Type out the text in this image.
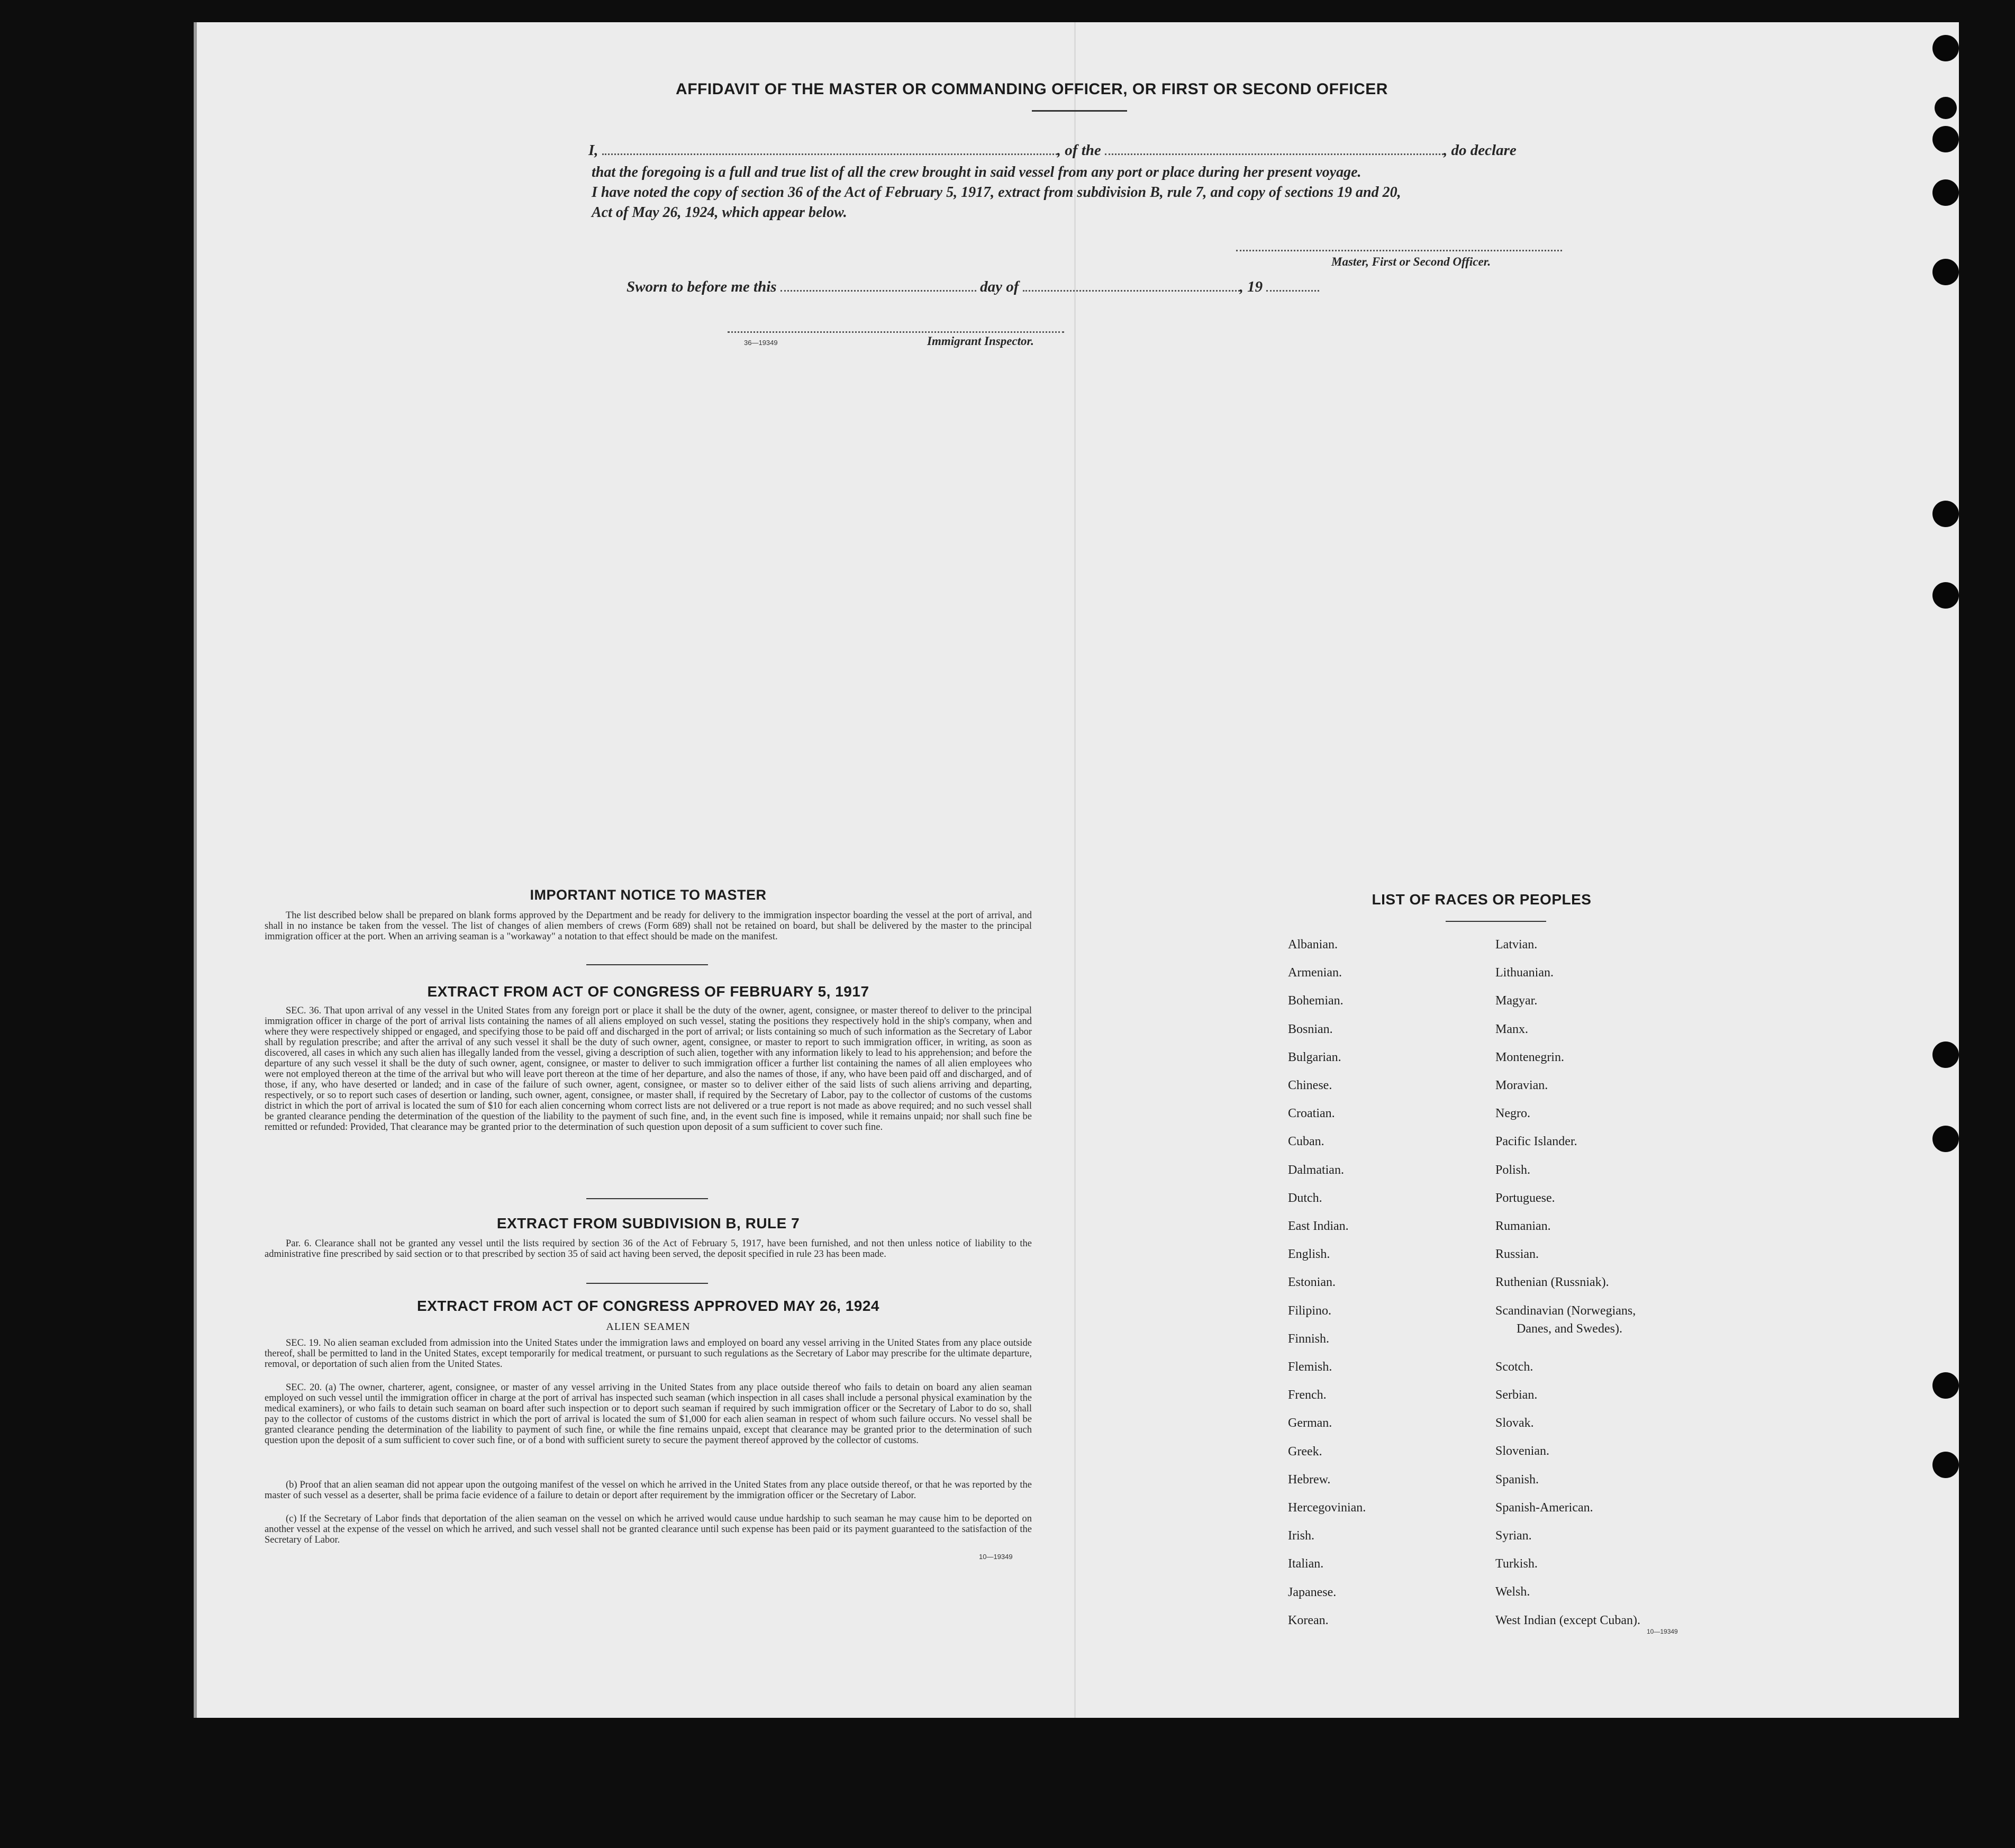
AFFIDAVIT OF THE MASTER OR COMMANDING OFFICER, OR FIRST OR SECOND OFFICER
I,	, of the	, do declare
that the foregoing is a full and true list of all the crew brought in said vessel from any port or place during her present voyage.
I have noted the copy of section 36 of the Act of February 5, 1917, extract from subdivision B, rule 7, and copy of sections 19 and 20,
Act of May 26, 1924, which appear below.
Master, First or Second Officer.
Sworn to before me this	day of	, 19
36—19349	Immigrant Inspector.
IMPORTANT NOTICE TO MASTER
The list described below shall be prepared on blank forms approved by the Department and be ready for delivery to the immigration inspector boarding the vessel at the port of arrival, and shall in no instance be taken from the vessel. The list of changes of alien members of crews (Form 689) shall not be retained on board, but shall be delivered by the master to the principal immigration officer at the port. When an arriving seaman is a "workaway" a notation to that effect should be made on the manifest.
EXTRACT FROM ACT OF CONGRESS OF FEBRUARY 5, 1917
SEC. 36. That upon arrival of any vessel in the United States from any foreign port or place it shall be the duty of the owner, agent, consignee, or master thereof to deliver to the principal immigration officer in charge of the port of arrival lists containing the names of all aliens employed on such vessel, stating the positions they respectively hold in the ship's company, when and where they were respectively shipped or engaged, and specifying those to be paid off and discharged in the port of arrival; or lists containing so much of such information as the Secretary of Labor shall by regulation prescribe; and after the arrival of any such vessel it shall be the duty of such owner, agent, consignee, or master to report to such immigration officer, in writing, as soon as discovered, all cases in which any such alien has illegally landed from the vessel, giving a description of such alien, together with any information likely to lead to his apprehension; and before the departure of any such vessel it shall be the duty of such owner, agent, consignee, or master to deliver to such immigration officer a further list containing the names of all alien employees who were not employed thereon at the time of the arrival but who will leave port thereon at the time of her departure, and also the names of those, if any, who have been paid off and discharged, and of those, if any, who have deserted or landed; and in case of the failure of such owner, agent, consignee, or master so to deliver either of the said lists of such aliens arriving and departing, respectively, or so to report such cases of desertion or landing, such owner, agent, consignee, or master shall, if required by the Secretary of Labor, pay to the collector of customs of the customs district in which the port of arrival is located the sum of $10 for each alien concerning whom correct lists are not delivered or a true report is not made as above required; and no such vessel shall be granted clearance pending the determination of the question of the liability to the payment of such fine, and, in the event such fine is imposed, while it remains unpaid; nor shall such fine be remitted or refunded: Provided, That clearance may be granted prior to the determination of such question upon deposit of a sum sufficient to cover such fine.
EXTRACT FROM SUBDIVISION B, RULE 7
Par. 6. Clearance shall not be granted any vessel until the lists required by section 36 of the Act of February 5, 1917, have been furnished, and not then unless notice of liability to the administrative fine prescribed by said section or to that prescribed by section 35 of said act having been served, the deposit specified in rule 23 has been made.
EXTRACT FROM ACT OF CONGRESS APPROVED MAY 26, 1924
ALIEN SEAMEN
SEC. 19. No alien seaman excluded from admission into the United States under the immigration laws and employed on board any vessel arriving in the United States from any place outside thereof, shall be permitted to land in the United States, except temporarily for medical treatment, or pursuant to such regulations as the Secretary of Labor may prescribe for the ultimate departure, removal, or deportation of such alien from the United States.
SEC. 20. (a) The owner, charterer, agent, consignee, or master of any vessel arriving in the United States from any place outside thereof who fails to detain on board any alien seaman employed on such vessel until the immigration officer in charge at the port of arrival has inspected such seaman (which inspection in all cases shall include a personal physical examination by the medical examiners), or who fails to detain such seaman on board after such inspection or to deport such seaman if required by such immigration officer or the Secretary of Labor to do so, shall pay to the collector of customs of the customs district in which the port of arrival is located the sum of $1,000 for each alien seaman in respect of whom such failure occurs. No vessel shall be granted clearance pending the determination of the liability to payment of such fine, or while the fine remains unpaid, except that clearance may be granted prior to the determination of such question upon the deposit of a sum sufficient to cover such fine, or of a bond with sufficient surety to secure the payment thereof approved by the collector of customs.
(b) Proof that an alien seaman did not appear upon the outgoing manifest of the vessel on which he arrived in the United States from any place outside thereof, or that he was reported by the master of such vessel as a deserter, shall be prima facie evidence of a failure to detain or deport after requirement by the immigration officer or the Secretary of Labor.
(c) If the Secretary of Labor finds that deportation of the alien seaman on the vessel on which he arrived would cause undue hardship to such seaman he may cause him to be deported on another vessel at the expense of the vessel on which he arrived, and such vessel shall not be granted clearance until such expense has been paid or its payment guaranteed to the satisfaction of the Secretary of Labor.
10—19349
LIST OF RACES OR PEOPLES
Albanian.
Armenian.
Bohemian.
Bosnian.
Bulgarian.
Chinese.
Croatian.
Cuban.
Dalmatian.
Dutch.
East Indian.
English.
Estonian.
Filipino.
Finnish.
Flemish.
French.
German.
Greek.
Hebrew.
Hercegovinian.
Irish.
Italian.
Japanese.
Korean.
Latvian.
Lithuanian.
Magyar.
Manx.
Montenegrin.
Moravian.
Negro.
Pacific Islander.
Polish.
Portuguese.
Rumanian.
Russian.
Ruthenian (Russniak).
Scandinavian (Norwegians,
Danes, and Swedes).
Scotch.
Serbian.
Slovak.
Slovenian.
Spanish.
Spanish-American.
Syrian.
Turkish.
Welsh.
West Indian (except Cuban).
10—19349
